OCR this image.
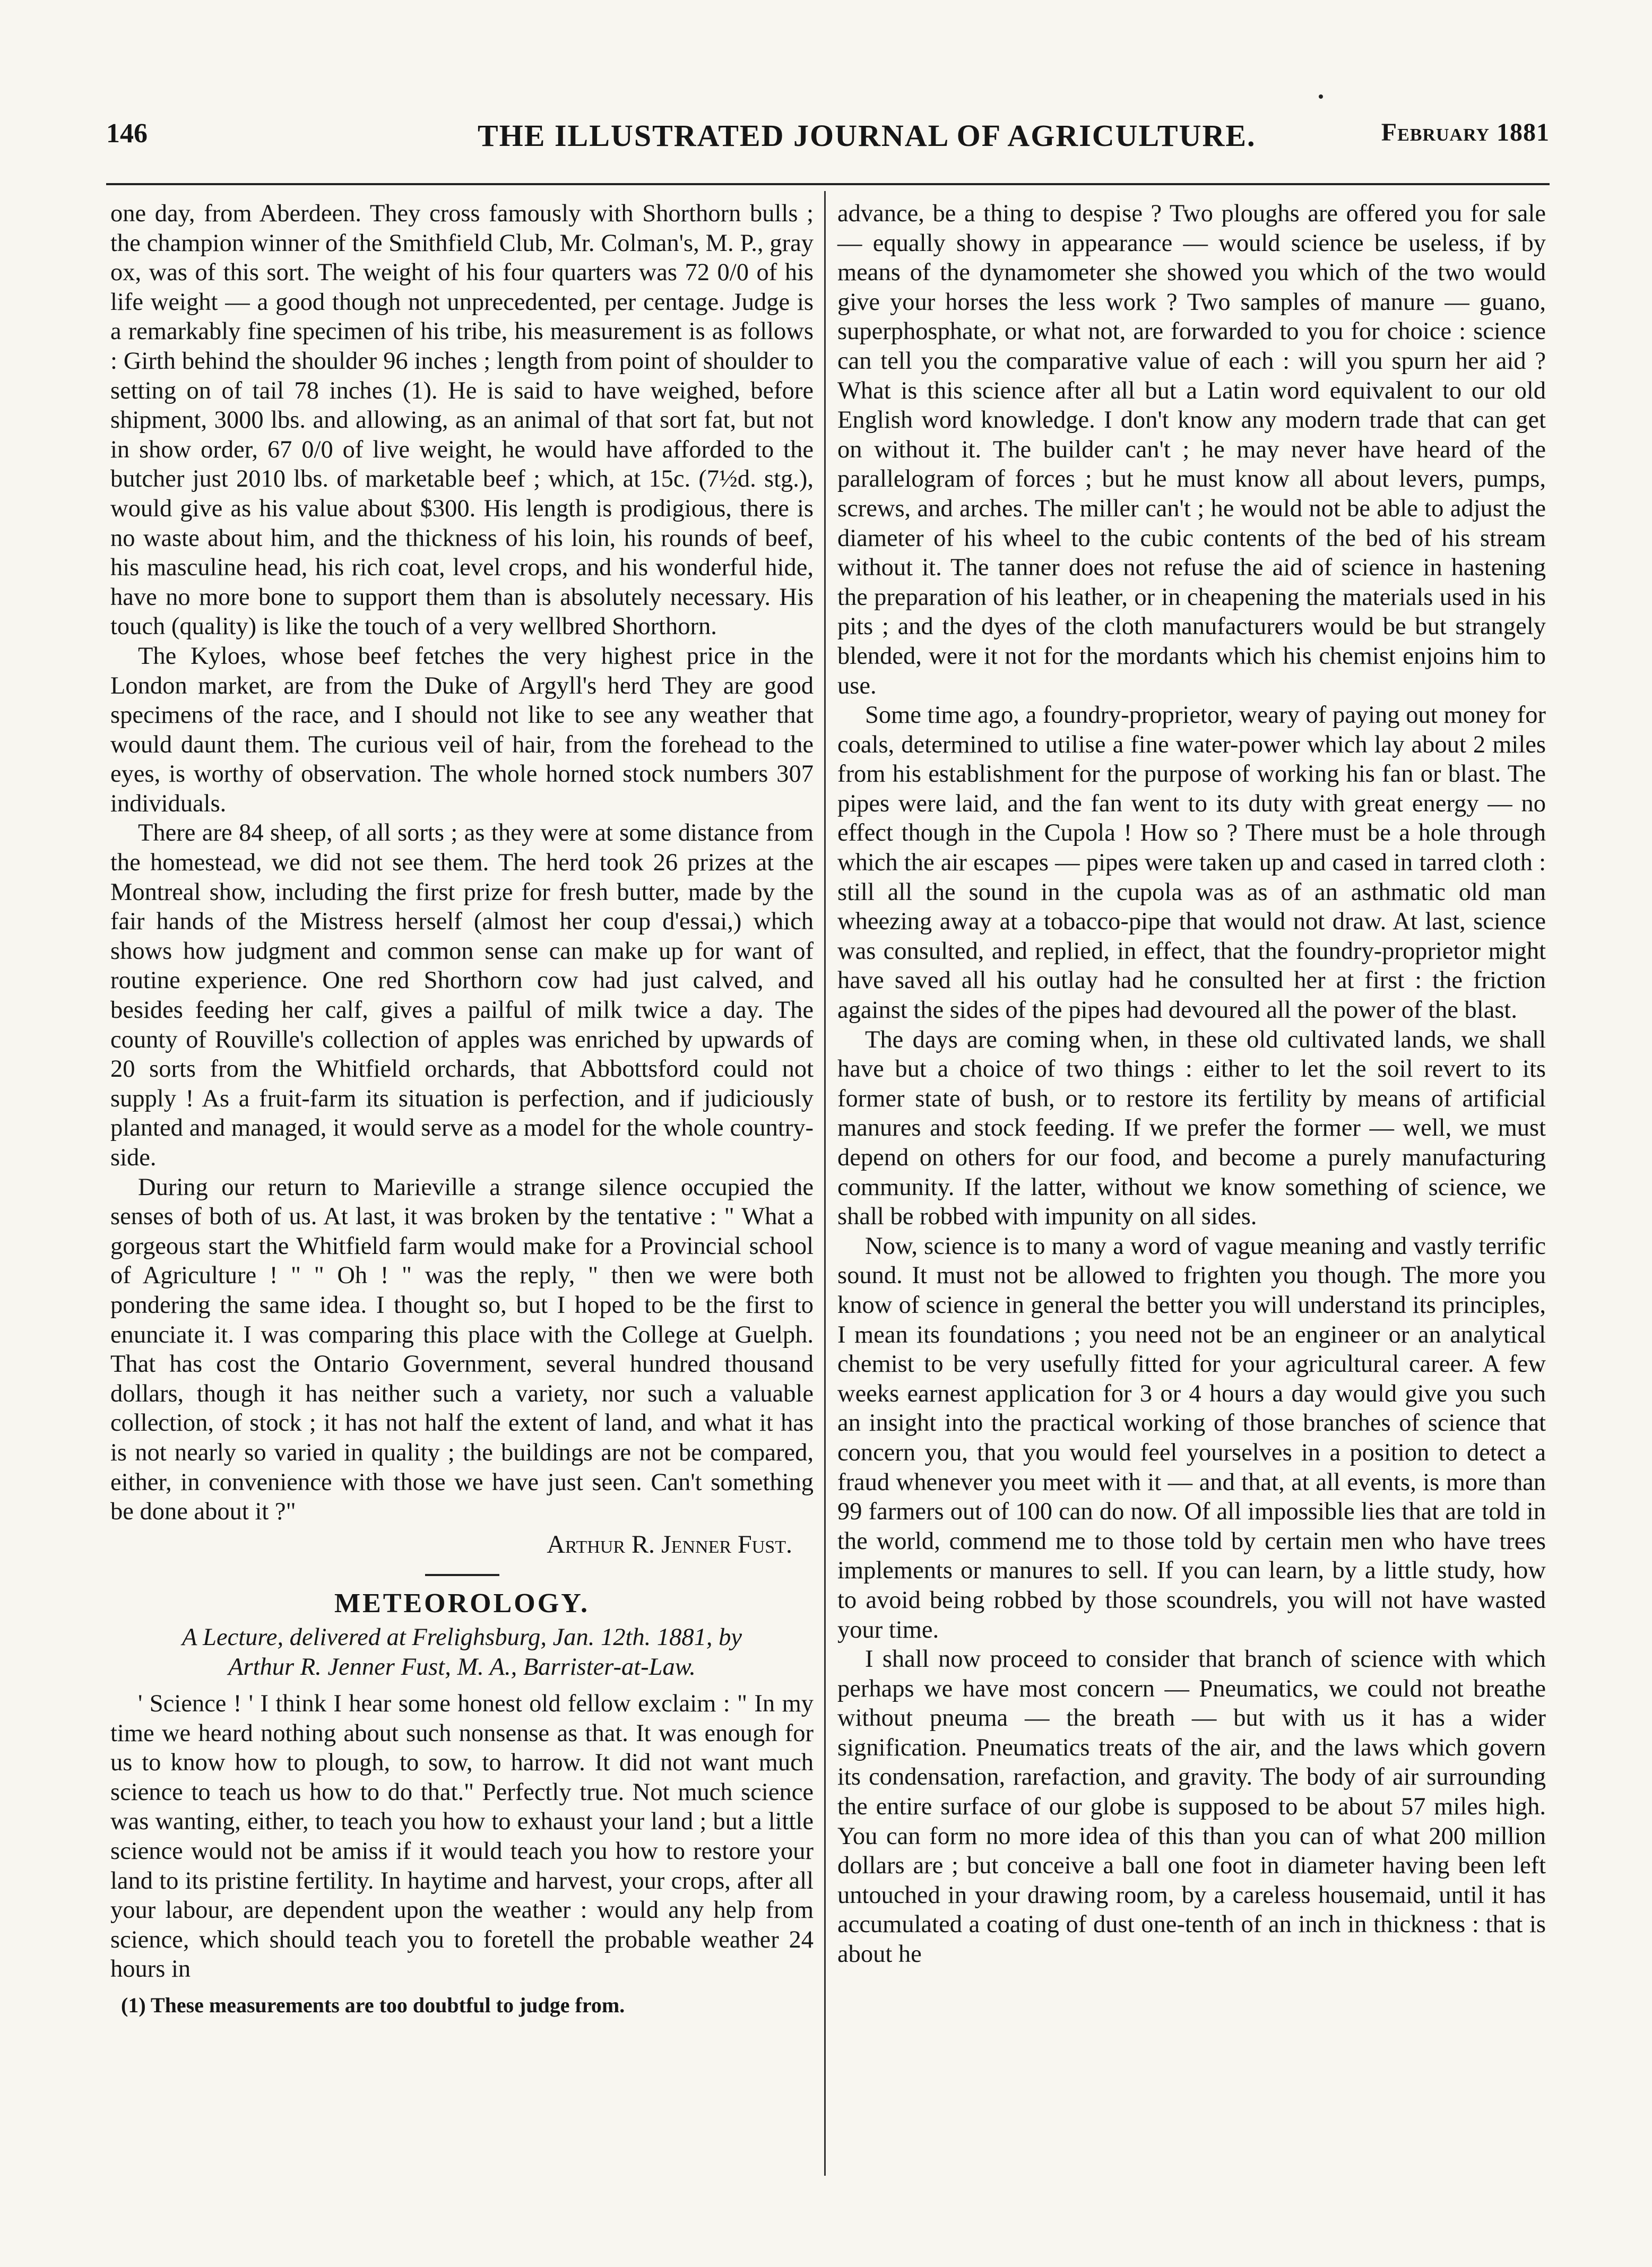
146	THE ILLUSTRATED JOURNAL OF AGRICULTURE.	February 1881

one day, from Aberdeen. They cross famously with Shorthorn bulls ; the champion winner of the Smithfield Club, Mr. Colman's, M. P., gray ox, was of this sort. The weight of his four quarters was 72 0/0 of his life weight — a good though not unprecedented, per centage. Judge is a remarkably fine specimen of his tribe, his measurement is as follows : Girth behind the shoulder 96 inches ; length from point of shoulder to setting on of tail 78 inches (1). He is said to have weighed, before shipment, 3000 lbs. and allowing, as an animal of that sort fat, but not in show order, 67 0/0 of live weight, he would have afforded to the butcher just 2010 lbs. of marketable beef ; which, at 15c. (7½d. stg.), would give as his value about $300. His length is prodigious, there is no waste about him, and the thickness of his loin, his rounds of beef, his masculine head, his rich coat, level crops, and his wonderful hide, have no more bone to support them than is absolutely necessary. His touch (quality) is like the touch of a very wellbred Shorthorn.

The Kyloes, whose beef fetches the very highest price in the London market, are from the Duke of Argyll's herd They are good specimens of the race, and I should not like to see any weather that would daunt them. The curious veil of hair, from the forehead to the eyes, is worthy of observation. The whole horned stock numbers 307 individuals.

There are 84 sheep, of all sorts ; as they were at some distance from the homestead, we did not see them. The herd took 26 prizes at the Montreal show, including the first prize for fresh butter, made by the fair hands of the Mistress herself (almost her coup d'essai,) which shows how judgment and common sense can make up for want of routine experience. One red Shorthorn cow had just calved, and besides feeding her calf, gives a pailful of milk twice a day. The county of Rouville's collection of apples was enriched by upwards of 20 sorts from the Whitfield orchards, that Abbottsford could not supply ! As a fruit-farm its situation is perfection, and if judiciously planted and managed, it would serve as a model for the whole country-side.

During our return to Marieville a strange silence occupied the senses of both of us. At last, it was broken by the tentative : " What a gorgeous start the Whitfield farm would make for a Provincial school of Agriculture ! " " Oh ! " was the reply, " then we were both pondering the same idea. I thought so, but I hoped to be the first to enunciate it. I was comparing this place with the College at Guelph. That has cost the Ontario Government, several hundred thousand dollars, though it has neither such a variety, nor such a valuable collection, of stock ; it has not half the extent of land, and what it has is not nearly so varied in quality ; the buildings are not be compared, either, in convenience with those we have just seen. Can't something be done about it ?"

Arthur R. Jenner Fust.
METEOROLOGY.
A Lecture, delivered at Frelighsburg, Jan. 12th. 1881, by
Arthur R. Jenner Fust, M. A., Barrister-at-Law.

' Science ! ' I think I hear some honest old fellow exclaim : " In my time we heard nothing about such nonsense as that. It was enough for us to know how to plough, to sow, to harrow. It did not want much science to teach us how to do that." Perfectly true. Not much science was wanting, either, to teach you how to exhaust your land ; but a little science would not be amiss if it would teach you how to restore your land to its pristine fertility. In haytime and harvest, your crops, after all your labour, are dependent upon the weather : would any help from science, which should teach you to foretell the probable weather 24 hours in

(1) These measurements are too doubtful to judge from.

advance, be a thing to despise ? Two ploughs are offered you for sale — equally showy in appearance — would science be useless, if by means of the dynamometer she showed you which of the two would give your horses the less work ? Two samples of manure — guano, superphosphate, or what not, are forwarded to you for choice : science can tell you the comparative value of each : will you spurn her aid ? What is this science after all but a Latin word equivalent to our old English word knowledge. I don't know any modern trade that can get on without it. The builder can't ; he may never have heard of the parallelogram of forces ; but he must know all about levers, pumps, screws, and arches. The miller can't ; he would not be able to adjust the diameter of his wheel to the cubic contents of the bed of his stream without it. The tanner does not refuse the aid of science in hastening the preparation of his leather, or in cheapening the materials used in his pits ; and the dyes of the cloth manufacturers would be but strangely blended, were it not for the mordants which his chemist enjoins him to use.

Some time ago, a foundry-proprietor, weary of paying out money for coals, determined to utilise a fine water-power which lay about 2 miles from his establishment for the purpose of working his fan or blast. The pipes were laid, and the fan went to its duty with great energy — no effect though in the Cupola ! How so ? There must be a hole through which the air escapes — pipes were taken up and cased in tarred cloth : still all the sound in the cupola was as of an asthmatic old man wheezing away at a tobacco-pipe that would not draw. At last, science was consulted, and replied, in effect, that the foundry-proprietor might have saved all his outlay had he consulted her at first : the friction against the sides of the pipes had devoured all the power of the blast.

The days are coming when, in these old cultivated lands, we shall have but a choice of two things : either to let the soil revert to its former state of bush, or to restore its fertility by means of artificial manures and stock feeding. If we prefer the former — well, we must depend on others for our food, and become a purely manufacturing community. If the latter, without we know something of science, we shall be robbed with impunity on all sides.

Now, science is to many a word of vague meaning and vastly terrific sound. It must not be allowed to frighten you though. The more you know of science in general the better you will understand its principles, I mean its foundations ; you need not be an engineer or an analytical chemist to be very usefully fitted for your agricultural career. A few weeks earnest application for 3 or 4 hours a day would give you such an insight into the practical working of those branches of science that concern you, that you would feel yourselves in a position to detect a fraud whenever you meet with it — and that, at all events, is more than 99 farmers out of 100 can do now. Of all impossible lies that are told in the world, commend me to those told by certain men who have trees implements or manures to sell. If you can learn, by a little study, how to avoid being robbed by those scoundrels, you will not have wasted your time.

I shall now proceed to consider that branch of science with which perhaps we have most concern — Pneumatics, we could not breathe without pneuma — the breath — but with us it has a wider signification. Pneumatics treats of the air, and the laws which govern its condensation, rarefaction, and gravity. The body of air surrounding the entire surface of our globe is supposed to be about 57 miles high. You can form no more idea of this than you can of what 200 million dollars are ; but conceive a ball one foot in diameter having been left untouched in your drawing room, by a careless housemaid, until it has accumulated a coating of dust one-tenth of an inch in thickness : that is about he
